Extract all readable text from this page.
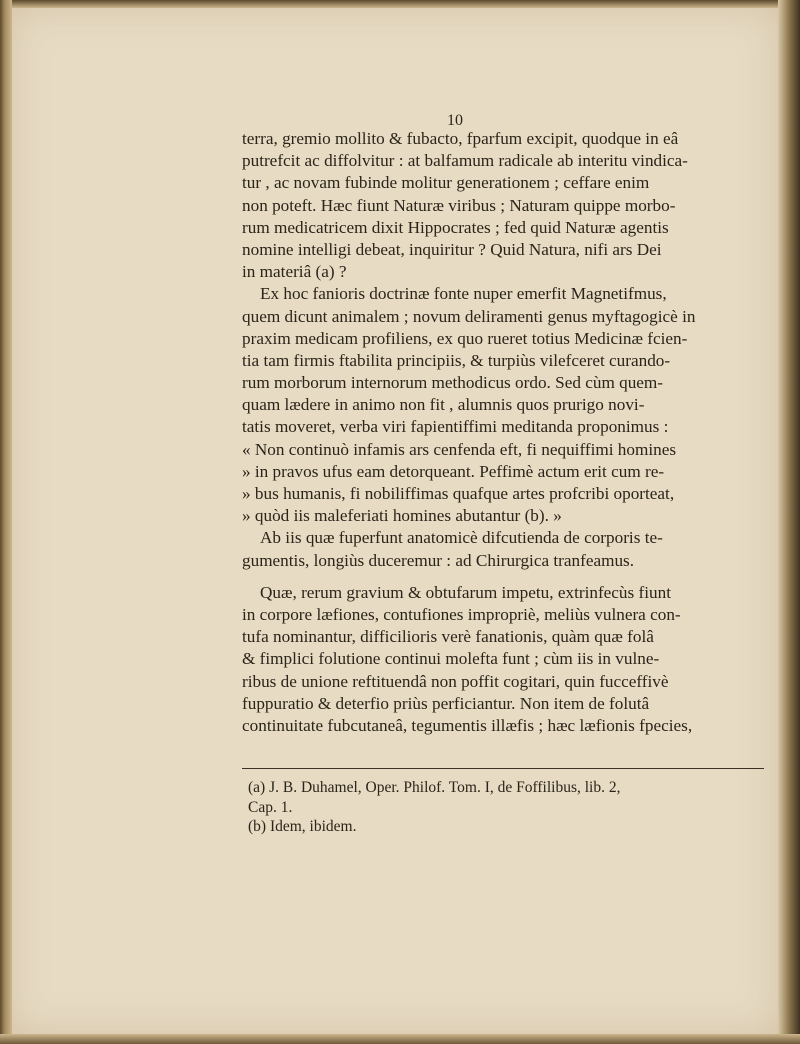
10
terra, gremio mollito & fubacto, fparfum excipit, quodque in eâ
putrefcit ac diffolvitur : at balfamum radicale ab interitu vindica-
tur , ac novam fubinde molitur generationem ; ceffare enim
non poteft. Hæc fiunt Naturæ viribus ; Naturam quippe morbo-
rum medicatricem dixit Hippocrates ; fed quid Naturæ agentis
nomine intelligi debeat, inquiritur ? Quid Natura, nifi ars Dei
in materiâ (a) ?
Ex hoc fanioris doctrinæ fonte nuper emerfit Magnetifmus,
quem dicunt animalem ; novum deliramenti genus myftagogicè in
praxim medicam profiliens, ex quo rueret totius Medicinæ fcien-
tia tam firmis ftabilita principiis, & turpiùs vilefceret curando-
rum morborum internorum methodicus ordo. Sed cùm quem-
quam lædere in animo non fit , alumnis quos prurigo novi-
tatis moveret, verba viri fapientiffimi meditanda proponimus :
« Non continuò infamis ars cenfenda eft, fi nequiffimi homines
» in pravos ufus eam detorqueant. Peffimè actum erit cum re-
» bus humanis, fi nobiliffimas quafque artes profcribi oporteat,
» quòd iis maleferiati homines abutantur (b). »
Ab iis quæ fuperfunt anatomicè difcutienda de corporis te-
gumentis, longiùs duceremur : ad Chirurgica tranfeamus.
Quæ, rerum gravium & obtufarum impetu, extrinfecùs fiunt
in corpore læfiones, contufiones impropriè, meliùs vulnera con-
tufa nominantur, difficilioris verè fanationis, quàm quæ folâ
& fimplici folutione continui molefta funt ; cùm iis in vulne-
ribus de unione reftituendâ non poffit cogitari, quin fucceffivè
fuppuratio & deterfio priùs perficiantur. Non item de folutâ
continuitate fubcutaneâ, tegumentis illæfis ; hæc læfionis fpecies,
(a) J. B. Duhamel, Oper. Philof. Tom. I, de Foffilibus, lib. 2,
Cap. 1.
(b) Idem, ibidem.
